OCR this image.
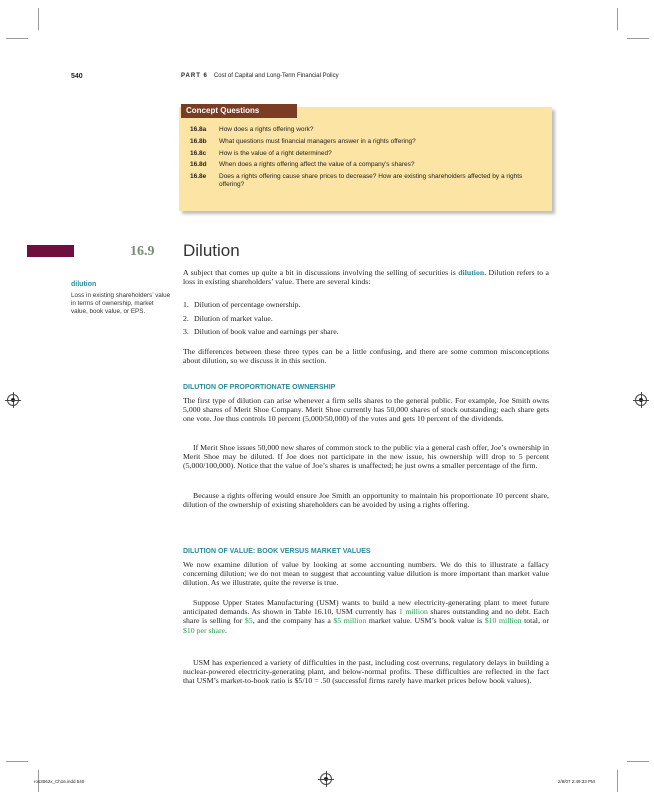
540	PART 6 Cost of Capital and Long-Term Financial Policy
Concept Questions
16.8a How does a rights offering work?
16.8b What questions must financial managers answer in a rights offering?
16.8c How is the value of a right determined?
16.8d When does a rights offering affect the value of a company’s shares?
16.8e Does a rights offering cause share prices to decrease? How are existing shareholders affected by a rights offering?
16.9 Dilution
dilution
Loss in existing shareholders’ value in terms of ownership, market value, book value, or EPS.

A subject that comes up quite a bit in discussions involving the selling of securities is dilution. Dilution refers to a loss in existing shareholders’ value. There are several kinds:

1. Dilution of percentage ownership.
2. Dilution of market value.
3. Dilution of book value and earnings per share.

The differences between these three types can be a little confusing, and there are some common misconceptions about dilution, so we discuss it in this section.

DILUTION OF PROPORTIONATE OWNERSHIP

The first type of dilution can arise whenever a firm sells shares to the general public. For example, Joe Smith owns 5,000 shares of Merit Shoe Company. Merit Shoe currently has 50,000 shares of stock outstanding; each share gets one vote. Joe thus controls 10 percent (5,000/50,000) of the votes and gets 10 percent of the dividends.

If Merit Shoe issues 50,000 new shares of common stock to the public via a general cash offer, Joe’s ownership in Merit Shoe may be diluted. If Joe does not participate in the new issue, his ownership will drop to 5 percent (5,000/100,000). Notice that the value of Joe’s shares is unaffected; he just owns a smaller percentage of the firm.

Because a rights offering would ensure Joe Smith an opportunity to maintain his proportionate 10 percent share, dilution of the ownership of existing shareholders can be avoided by using a rights offering.

DILUTION OF VALUE: BOOK VERSUS MARKET VALUES

We now examine dilution of value by looking at some accounting numbers. We do this to illustrate a fallacy concerning dilution; we do not mean to suggest that accounting value dilution is more important than market value dilution. As we illustrate, quite the reverse is true.

Suppose Upper States Manufacturing (USM) wants to build a new electricity-generating plant to meet future anticipated demands. As shown in Table 16.10, USM currently has 1 million shares outstanding and no debt. Each share is selling for $5, and the company has a $5 million market value. USM’s book value is $10 million total, or $10 per share.

USM has experienced a variety of difficulties in the past, including cost overruns, regulatory delays in building a nuclear-powered electricity-generating plant, and below-normal profits. These difficulties are reflected in the fact that USM’s market-to-book ratio is $5/10 = .50 (successful firms rarely have market prices below book values).

ros3062x_Ch16.indd 540	2/8/07 2:49:33 PM
